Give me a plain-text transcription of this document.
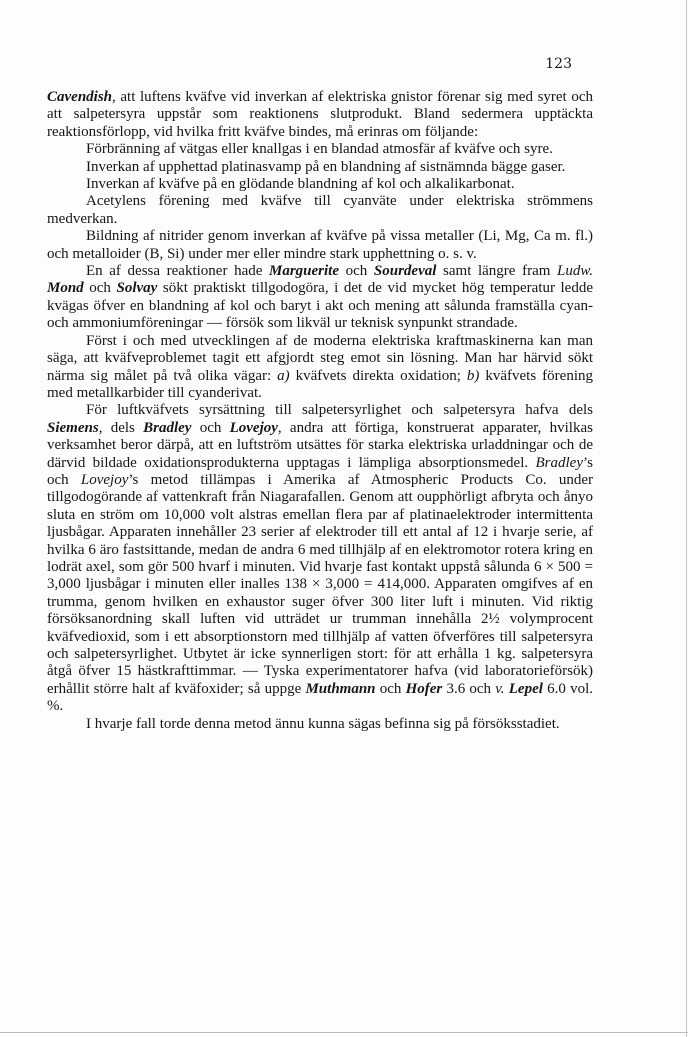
123

Cavendish, att luftens kväfve vid inverkan af elektriska gnistor förenar sig med syret och att salpetersyra uppstår som reaktionens slutprodukt. Bland sedermera upptäckta reaktionsförlopp, vid hvilka fritt kväfve bindes, må erinras om följande:

Förbränning af vätgas eller knallgas i en blandad atmosfär af kväfve och syre.

Inverkan af upphettad platinasvamp på en blandning af sistnämnda bägge gaser.

Inverkan af kväfve på en glödande blandning af kol och alkalikarbonat.

Acetylens förening med kväfve till cyanväte under elektriska strömmens medverkan.

Bildning af nitrider genom inverkan af kväfve på vissa metaller (Li, Mg, Ca m. fl.) och metalloider (B, Si) under mer eller mindre stark upphettning o. s. v.

En af dessa reaktioner hade Marguerite och Sourdeval samt längre fram Ludw. Mond och Solvay sökt praktiskt tillgodogöra, i det de vid mycket hög temperatur ledde kvägas öfver en blandning af kol och baryt i akt och mening att sålunda framställa cyan- och ammoniumföreningar — försök som likväl ur teknisk synpunkt strandade.

Först i och med utvecklingen af de moderna elektriska kraftmaskinerna kan man säga, att kväfveproblemet tagit ett afgjordt steg emot sin lösning. Man har härvid sökt närma sig målet på två olika vägar: a) kväfvets direkta oxidation; b) kväfvets förening med metallkarbider till cyanderivat.

För luftkväfvets syrsättning till salpetersyrlighet och salpetersyra hafva dels Siemens, dels Bradley och Lovejoy, andra att förtiga, konstruerat apparater, hvilkas verksamhet beror därpå, att en luftström utsättes för starka elektriska urladdningar och de därvid bildade oxidationsprodukterna upptagas i lämpliga absorptionsmedel. Bradley’s och Lovejoy’s metod tillämpas i Amerika af Atmospheric Products Co. under tillgodogörande af vattenkraft från Niagarafallen. Genom att oupphörligt afbryta och ånyo sluta en ström om 10,000 volt alstras emellan flera par af platinaelektroder intermittenta ljusbågar. Apparaten innehåller 23 serier af elektroder till ett antal af 12 i hvarje serie, af hvilka 6 äro fastsittande, medan de andra 6 med tillhjälp af en elektromotor rotera kring en lodrät axel, som gör 500 hvarf i minuten. Vid hvarje fast kontakt uppstå sålunda 6 × 500 = 3,000 ljusbågar i minuten eller inalles 138 × 3,000 = 414,000. Apparaten omgifves af en trumma, genom hvilken en exhaustor suger öfver 300 liter luft i minuten. Vid riktig försöksanordning skall luften vid utträdet ur trumman innehålla 2½ volymprocent kväfvedioxid, som i ett absorptionstorn med tillhjälp af vatten öfverföres till salpetersyra och salpetersyrlighet. Utbytet är icke synnerligen stort: för att erhålla 1 kg. salpetersyra åtgå öfver 15 hästkrafttimmar. — Tyska experimentatorer hafva (vid laboratorieförsök) erhållit större halt af kväfoxider; så uppge Muthmann och Hofer 3.6 och v. Lepel 6.0 vol. %.

I hvarje fall torde denna metod ännu kunna sägas befinna sig på försöksstadiet.
